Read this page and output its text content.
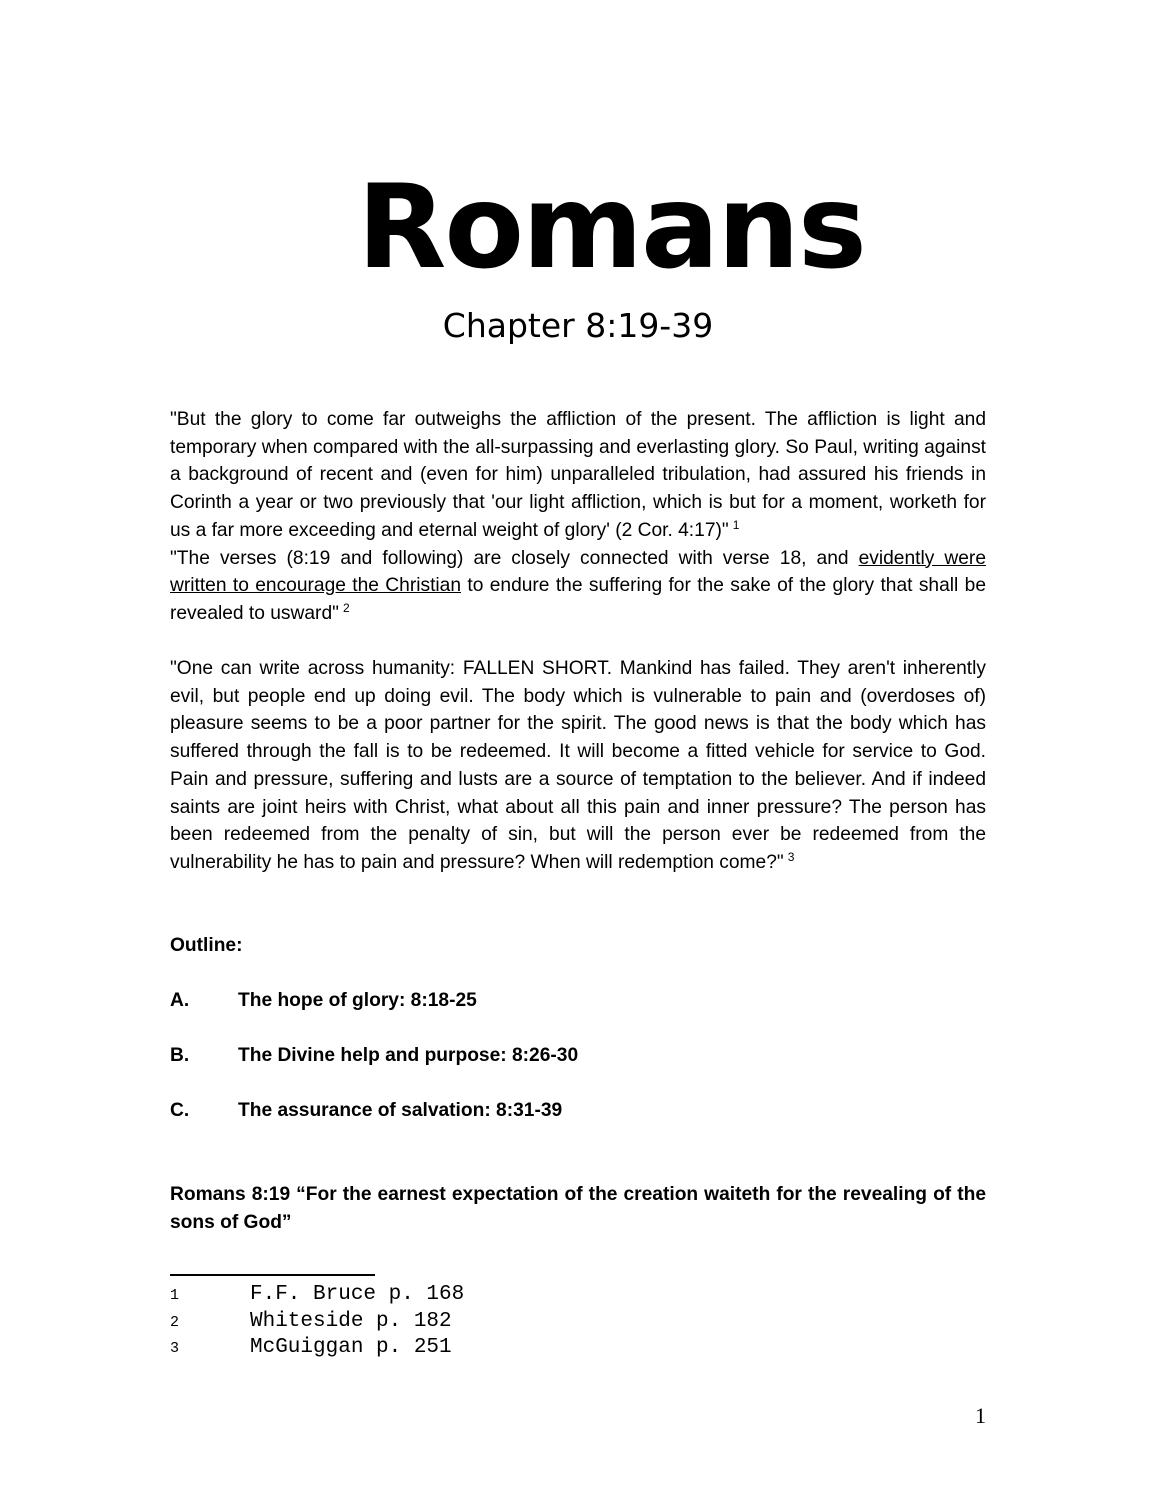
Romans
Chapter 8:19-39
"But the glory to come far outweighs the affliction of the present. The affliction is light and temporary when compared with the all-surpassing and everlasting glory. So Paul, writing against a background of recent and (even for him) unparalleled tribulation, had assured his friends in Corinth a year or two previously that 'our light affliction, which is but for a moment, worketh for us a far more exceeding and eternal weight of glory' (2 Cor. 4:17)" $^1$
"The verses (8:19 and following) are closely connected with verse 18, and evidently were written to encourage the Christian to endure the suffering for the sake of the glory that shall be revealed to usward" $^2$
"One can write across humanity: FALLEN SHORT. Mankind has failed. They aren't inherently evil, but people end up doing evil. The body which is vulnerable to pain and (overdoses of) pleasure seems to be a poor partner for the spirit. The good news is that the body which has suffered through the fall is to be redeemed. It will become a fitted vehicle for service to God. Pain and pressure, suffering and lusts are a source of temptation to the believer. And if indeed saints are joint heirs with Christ, what about all this pain and inner pressure? The person has been redeemed from the penalty of sin, but will the person ever be redeemed from the vulnerability he has to pain and pressure? When will redemption come?" $^3$
Outline:
A.	The hope of glory: 8:18-25
B.	The Divine help and purpose: 8:26-30
C.	The assurance of salvation: 8:31-39
Romans 8:19 “For the earnest expectation of the creation waiteth for the revealing of the sons of God”
1	F.F. Bruce p. 168
2	Whiteside p. 182
3	McGuiggan p. 251
1
